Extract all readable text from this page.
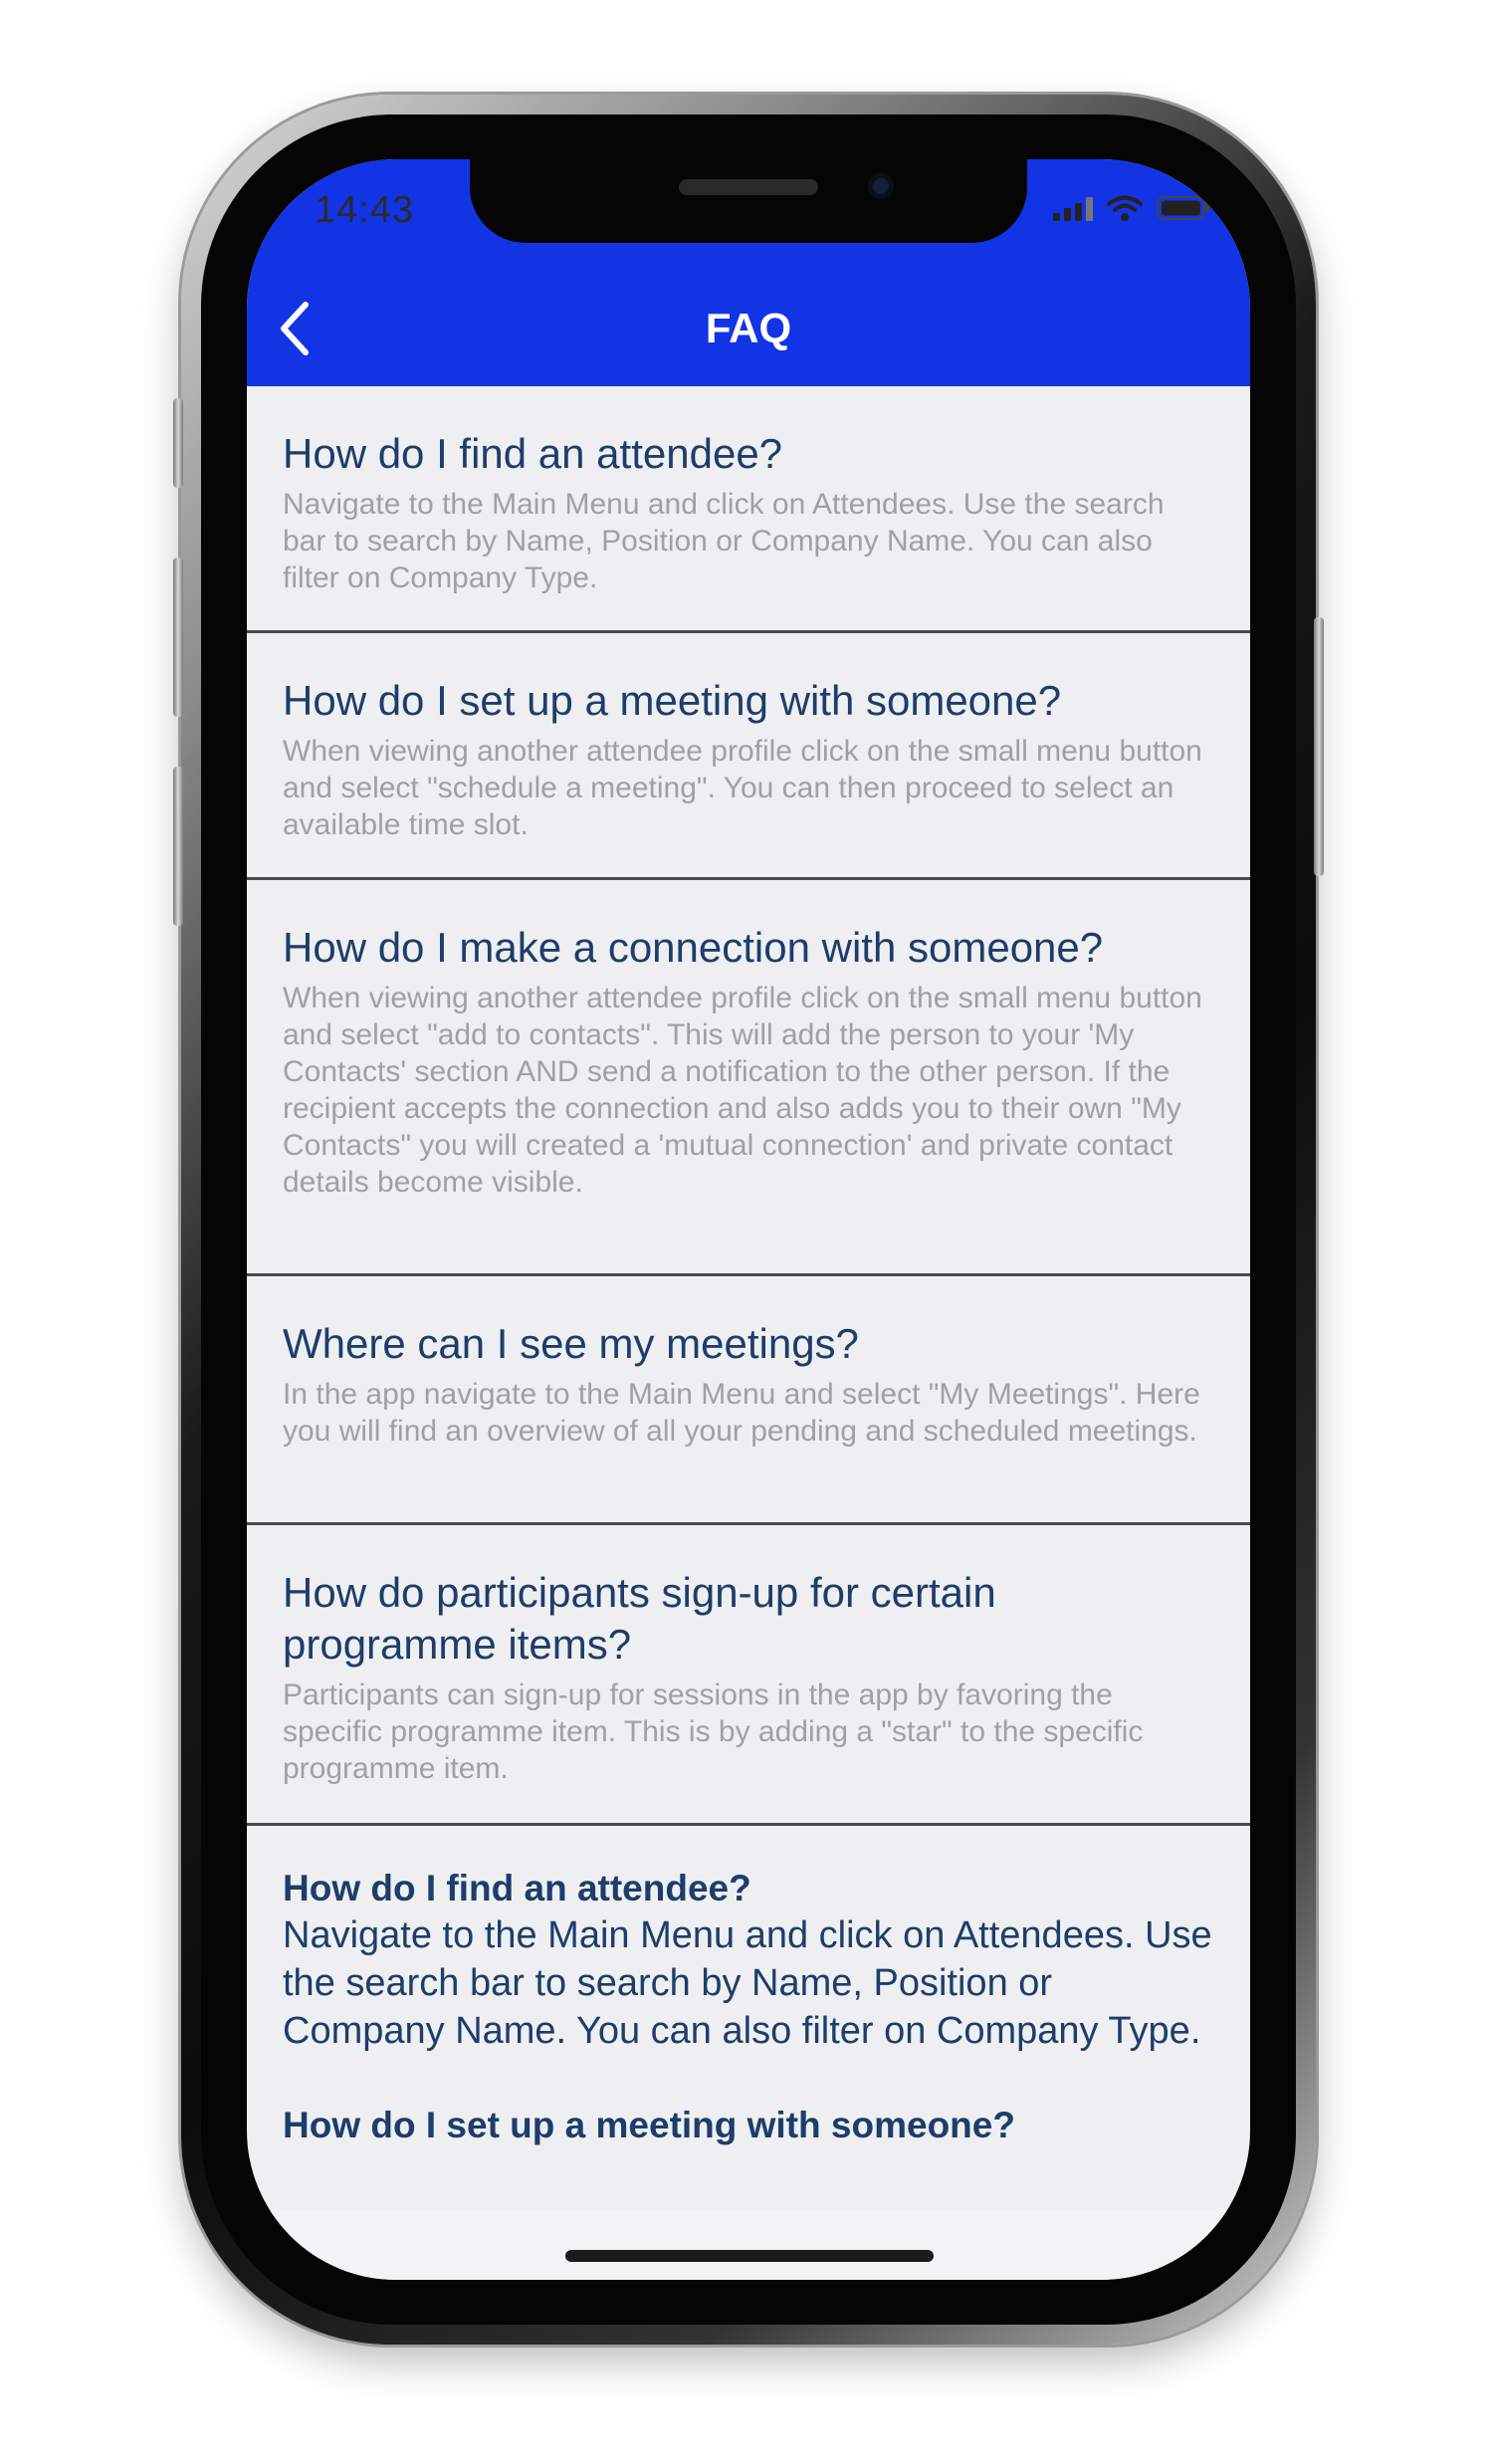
14:43
FAQ

How do I find an attendee?

Navigate to the Main Menu and click on Attendees. Use the search bar to search by Name, Position or Company Name. You can also filter on Company Type.

How do I set up a meeting with someone?

When viewing another attendee profile click on the small menu button and select "schedule a meeting". You can then proceed to select an available time slot.

How do I make a connection with someone?

When viewing another attendee profile click on the small menu button and select "add to contacts". This will add the person to your 'My Contacts' section AND send a notification to the other person. If the recipient accepts the connection and also adds you to their own "My Contacts" you will created a 'mutual connection' and private contact details become visible.

Where can I see my meetings?

In the app navigate to the Main Menu and select "My Meetings". Here you will find an overview of all your pending and scheduled meetings.

How do participants sign-up for certain programme items?

Participants can sign-up for sessions in the app by favoring the specific programme item. This is by adding a "star" to the specific programme item.

How do I find an attendee?

Navigate to the Main Menu and click on Attendees. Use the search bar to search by Name, Position or Company Name. You can also filter on Company Type.

How do I set up a meeting with someone?
